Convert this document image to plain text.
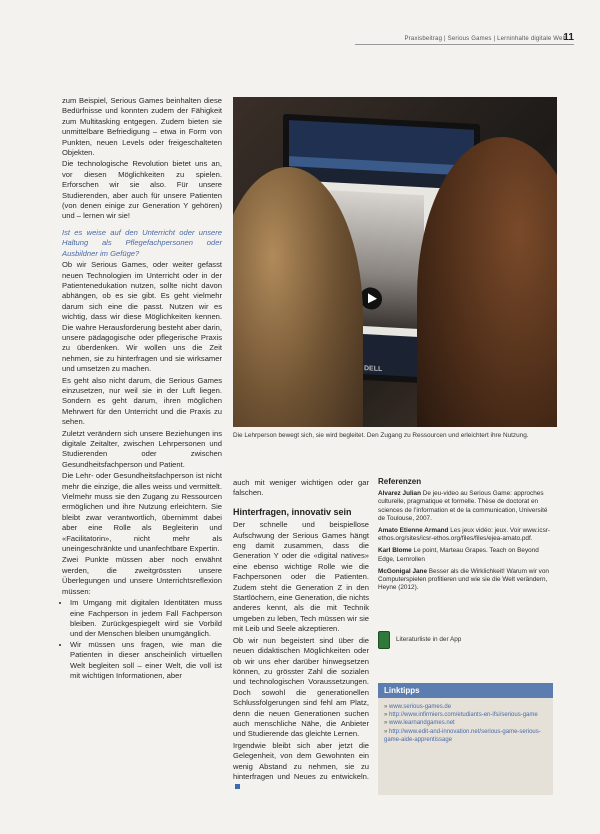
Praxisbeitrag | Serious Games | Lerninhalte digitale Welt
11

zum Beispiel, Serious Games beinhalten diese Bedürfnisse und konnten zudem der Fähigkeit zum Multitasking entgegen. Zudem bieten sie unmittelbare Befriedigung – etwa in Form von Punkten, neuen Levels oder freigeschalteten Objekten.

Die technologische Revolution bietet uns an, vor diesen Möglichkeiten zu spielen. Erforschen wir sie also. Für unsere Studierenden, aber auch für unsere Patienten (von denen einige zur Generation Y gehören) und – lernen wir sie!

Ist es weise auf den Unterricht oder unsere Haltung als Pflegefachpersonen oder Ausbildner im Gefüge?

Ob wir Serious Games, oder weiter gefasst neuen Technologien im Unterricht oder in der Patientenedukation nutzen, sollte nicht davon abhängen, ob es sie gibt. Es geht vielmehr darum sich eine die passt. Nutzen wir es wichtig, dass wir diese Möglichkeiten kennen. Die wahre Herausforderung besteht aber darin, unsere pädagogische oder pflegerische Praxis zu überdenken. Wir wollen uns die Zeit nehmen, sie zu hinterfragen und sie wirksamer und umsetzen zu machen.

Es geht also nicht darum, die Serious Games einzusetzen, nur weil sie in der Luft liegen. Sondern es geht darum, ihren möglichen Mehrwert für den Unterricht und die Praxis zu sehen.

Zuletzt verändern sich unsere Beziehungen ins digitale Zeitalter, zwischen Lehrpersonen und Studierenden oder zwischen Gesundheitsfachperson und Patient.

Die Lehr- oder Gesundheitsfachperson ist nicht mehr die einzige, die alles weiss und vermittelt. Vielmehr muss sie den Zugang zu Ressourcen ermöglichen und ihre Nutzung erleichtern. Sie bleibt zwar verantwortlich, übernimmt dabei aber eine Rolle als Begleiterin und «Facilitatorin», nicht mehr als uneingeschränkte und unanfechtbare Expertin.

Zwei Punkte müssen aber noch erwähnt werden, die zweitgrössten unsere Überlegungen und unsere Unterrichtsreflexion müssen:

• Im Umgang mit digitalen Identitäten muss eine Fachperson in jedem Fall Fachperson bleiben. Zurückgespiegelt wird sie Vorbild und der Menschen bleiben unumgänglich.
• Wir müssen uns fragen, wie man die Patienten in dieser anscheinlich virtuellen Welt begleiten soll – einer Welt, die voll ist mit wichtigen Informationen, aber
DELL
Die Lehrperson bewegt sich, sie wird begleitet. Den Zugang zu Ressourcen und erleichtert ihre Nutzung.

auch mit weniger wichtigen oder gar falschen.

Hinterfragen, innovativ sein

Der schnelle und beispiellose Aufschwung der Serious Games hängt eng damit zusammen, dass die Generation Y oder die «digital natives» eine ebenso wichtige Rolle wie die Fachpersonen oder die Patienten. Zudem steht die Generation Z in den Startlöchern, eine Generation, die nichts anderes kennt, als die mit Technik umgeben zu leben, Tech müssen wir sie mit Leib und Seele akzeptieren.

Ob wir nun begeistert sind über die neuen didaktischen Möglichkeiten oder ob wir uns eher darüber hinwegsetzen können, zu grösster Zahl die sozialen und technologischen Voraussetzungen. Doch sowohl die generationellen Schlussfolgerungen sind fehl am Platz, denn die neuen Generationen suchen auch menschliche Nähe, die Anbieter und Studierende das gleichte Lernen.

Irgendwie bleibt sich aber jetzt die Gelegenheit, von dem Gewohnten ein wenig Abstand zu nehmen, sie zu hinterfragen und Neues zu entwickeln.

Referenzen

Alvarez Julian De jeu-video au Serious Game: approches culturelle, pragmatique et formelle. Thèse de doctorat en sciences de l’information et de la communication, Université de Toulouse, 2007.

Amato Etienne Armand Les jeux vidéo: jeux. Voir www.icsr-ethos.org/sites/icsr-ethos.org/files/files/ejea-amato.pdf.

Karl Blome Le point, Marteau Grapes. Teach on Beyond Edge, Lernrollen

McGonigal Jane Besser als die Wirklichkeit! Warum wir von Computerspielen profitieren und wie sie die Welt verändern, Heyne (2012).

Literaturliste in der App
Linktipps
» www.serious-games.de
» http://www.infirmiers.com/etudiants-en-ifsi/serious-game
» www.learnandgames.net
» http://www.edit-and-innovation.net/serious-game-serious-game-aide-apprentissage
